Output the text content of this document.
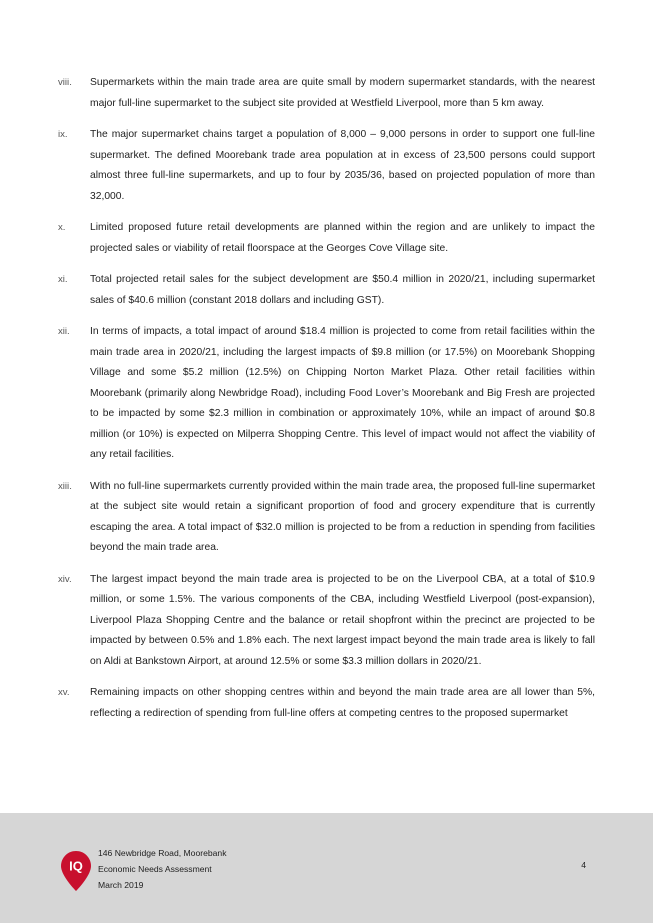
viii.	Supermarkets within the main trade area are quite small by modern supermarket standards, with the nearest major full-line supermarket to the subject site provided at Westfield Liverpool, more than 5 km away.
ix.	The major supermarket chains target a population of 8,000 – 9,000 persons in order to support one full-line supermarket. The defined Moorebank trade area population at in excess of 23,500 persons could support almost three full-line supermarkets, and up to four by 2035/36, based on projected population of more than 32,000.
x.	Limited proposed future retail developments are planned within the region and are unlikely to impact the projected sales or viability of retail floorspace at the Georges Cove Village site.
xi.	Total projected retail sales for the subject development are $50.4 million in 2020/21, including supermarket sales of $40.6 million (constant 2018 dollars and including GST).
xii.	In terms of impacts, a total impact of around $18.4 million is projected to come from retail facilities within the main trade area in 2020/21, including the largest impacts of $9.8 million (or 17.5%) on Moorebank Shopping Village and some $5.2 million (12.5%) on Chipping Norton Market Plaza. Other retail facilities within Moorebank (primarily along Newbridge Road), including Food Lover’s Moorebank and Big Fresh are projected to be impacted by some $2.3 million in combination or approximately 10%, while an impact of around $0.8 million (or 10%) is expected on Milperra Shopping Centre. This level of impact would not affect the viability of any retail facilities.
xiii.	With no full-line supermarkets currently provided within the main trade area, the proposed full-line supermarket at the subject site would retain a significant proportion of food and grocery expenditure that is currently escaping the area. A total impact of $32.0 million is projected to be from a reduction in spending from facilities beyond the main trade area.
xiv.	The largest impact beyond the main trade area is projected to be on the Liverpool CBA, at a total of $10.9 million, or some 1.5%. The various components of the CBA, including Westfield Liverpool (post-expansion), Liverpool Plaza Shopping Centre and the balance or retail shopfront within the precinct are projected to be impacted by between 0.5% and 1.8% each. The next largest impact beyond the main trade area is likely to fall on Aldi at Bankstown Airport, at around 12.5% or some $3.3 million dollars in 2020/21.
xv.	Remaining impacts on other shopping centres within and beyond the main trade area are all lower than 5%, reflecting a redirection of spending from full-line offers at competing centres to the proposed supermarket
IQ
146 Newbridge Road, Moorebank
Economic Needs Assessment
March 2019
4
